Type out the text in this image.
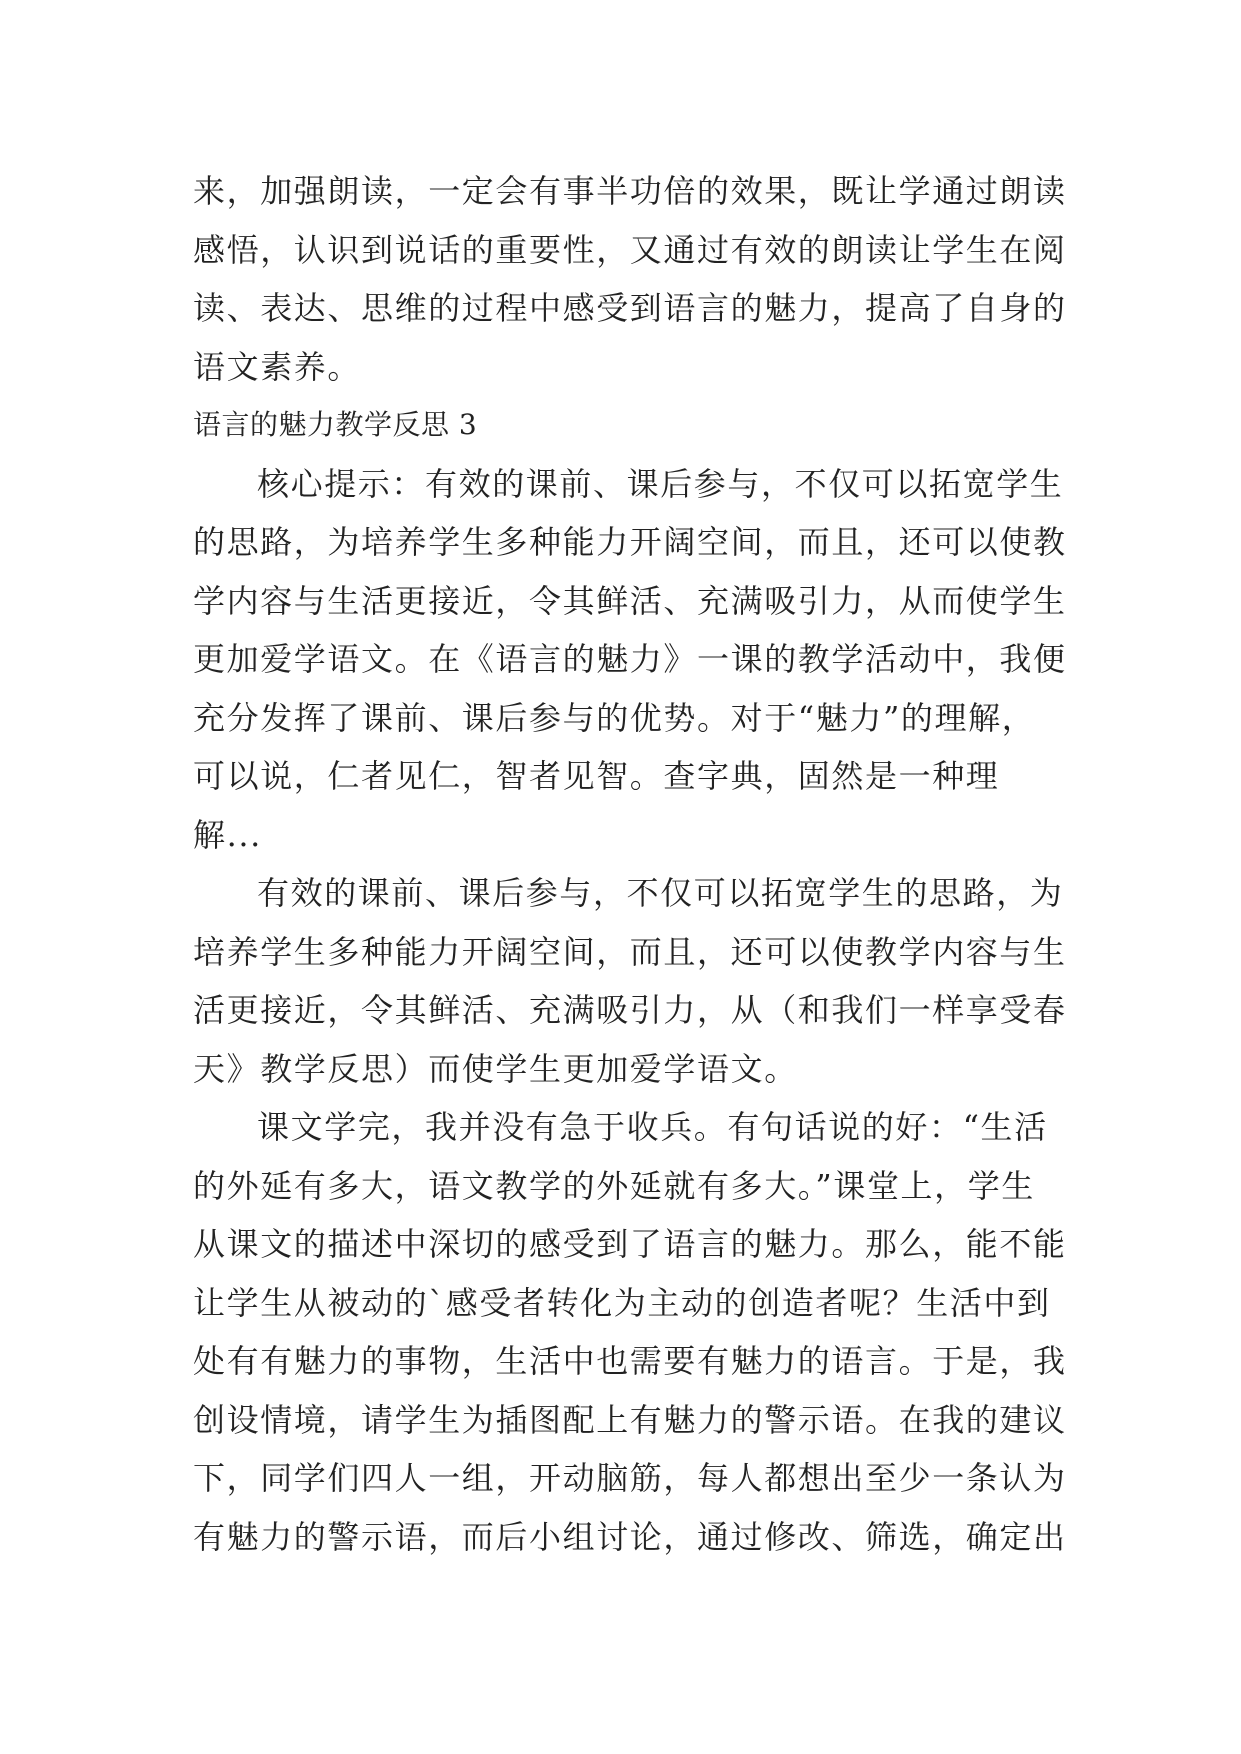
来，加强朗读，一定会有事半功倍的效果，既让学通过朗读
感悟，认识到说话的重要性，又通过有效的朗读让学生在阅
读、表达、思维的过程中感受到语言的魅力，提高了自身的
语文素养。
语言的魅力教学反思 3
核心提示：有效的课前、课后参与，不仅可以拓宽学生
的思路，为培养学生多种能力开阔空间，而且，还可以使教
学内容与生活更接近，令其鲜活、充满吸引力，从而使学生
更加爱学语文。在《语言的魅力》一课的教学活动中，我便
充分发挥了课前、课后参与的优势。对于“魅力”的理解，
可以说，仁者见仁，智者见智。查字典，固然是一种理
解...
有效的课前、课后参与，不仅可以拓宽学生的思路，为
培养学生多种能力开阔空间，而且，还可以使教学内容与生
活更接近，令其鲜活、充满吸引力，从（和我们一样享受春
天》教学反思）而使学生更加爱学语文。
课文学完，我并没有急于收兵。有句话说的好：“生活
的外延有多大，语文教学的外延就有多大。”课堂上，学生
从课文的描述中深切的感受到了语言的魅力。那么，能不能
让学生从被动的`感受者转化为主动的创造者呢？生活中到
处有有魅力的事物，生活中也需要有魅力的语言。于是，我
创设情境，请学生为插图配上有魅力的警示语。在我的建议
下，同学们四人一组，开动脑筋，每人都想出至少一条认为
有魅力的警示语，而后小组讨论，通过修改、筛选，确定出
